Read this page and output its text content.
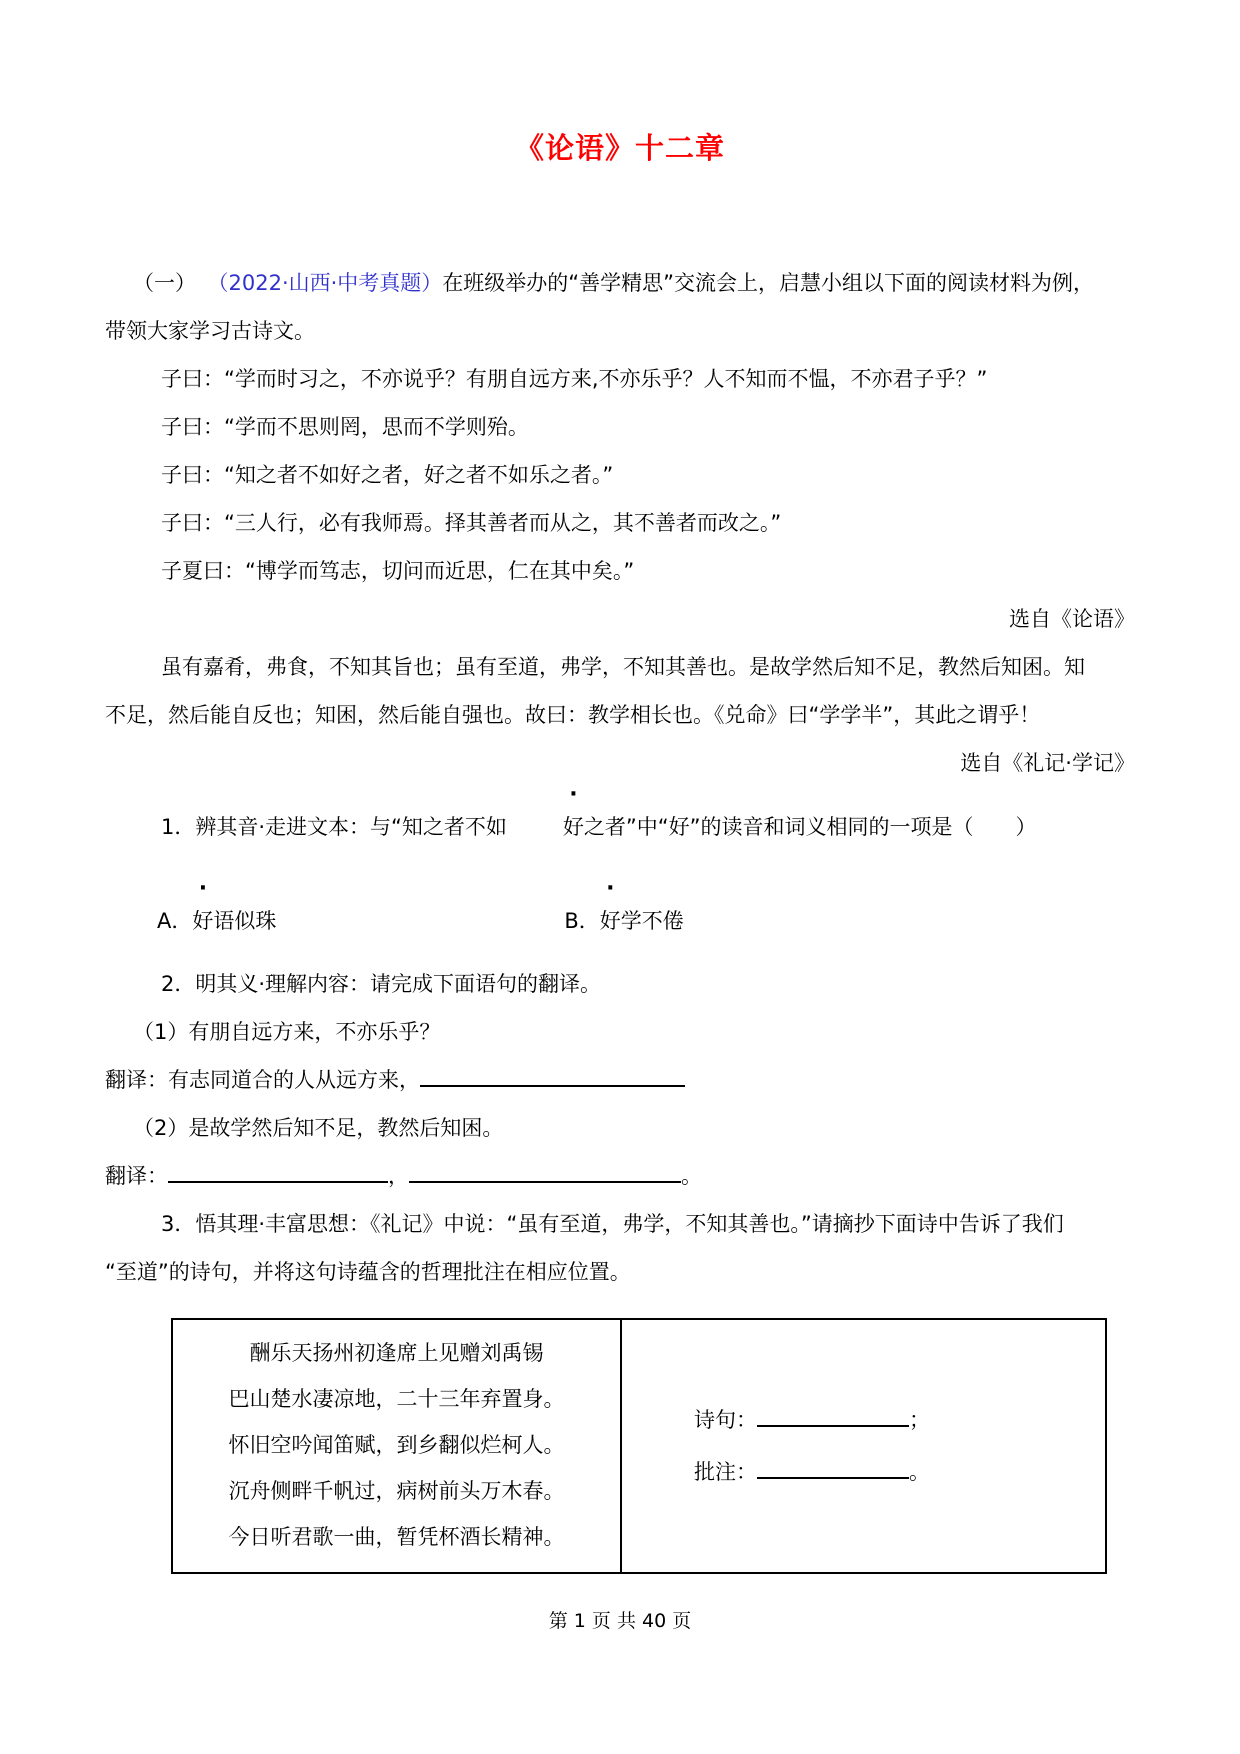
《论语》十二章
（一） （2022·山西·中考真题）在班级举办的“善学精思”交流会上，启慧小组以下面的阅读材料为例，
带领大家学习古诗文。
子曰：“学而时习之，不亦说乎？有朋自远方来,不亦乐乎？人不知而不愠，不亦君子乎？”
子曰：“学而不思则罔，思而不学则殆。
子曰：“知之者不如好之者，好之者不如乐之者。”
子曰：“三人行，必有我师焉。择其善者而从之，其不善者而改之。”
子夏曰：“博学而笃志，切问而近思，仁在其中矣。”
选自《论语》
虽有嘉肴，弗食，不知其旨也；虽有至道，弗学，不知其善也。是故学然后知不足，教然后知困。知
不足，然后能自反也；知困，然后能自强也。故曰：教学相长也。《兑命》曰“学学半”，其此之谓乎！
选自《礼记·学记》
1．辨其音·走进文本：与“知之者不如
·
好之者”中“好”的读音和词义相同的一项是（　　）
A．
·
好语似珠	B．
·
好学不倦
2．明其义·理解内容：请完成下面语句的翻译。
（1）有朋自远方来，不亦乐乎？
翻译：有志同道合的人从远方来，
（2）是故学然后知不足，教然后知困。
翻译：	，	。
3．悟其理·丰富思想：《礼记》中说：“虽有至道，弗学，不知其善也。”请摘抄下面诗中告诉了我们
“至道”的诗句，并将这句诗蕴含的哲理批注在相应位置。
酬乐天扬州初逢席上见赠刘禹锡
巴山楚水凄凉地，二十三年弃置身。
怀旧空吟闻笛赋，到乡翻似烂柯人。
沉舟侧畔千帆过，病树前头万木春。
今日听君歌一曲，暂凭杯酒长精神。
诗句：	；
批注：	。
第 1 页 共 40 页
